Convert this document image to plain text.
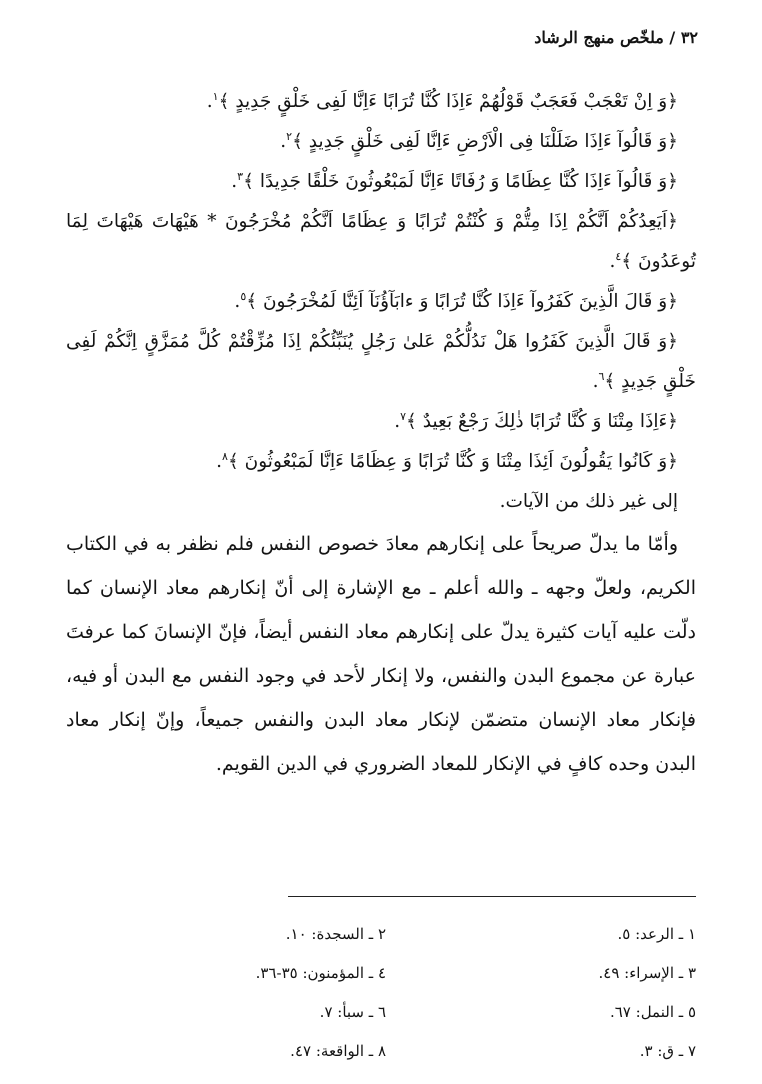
٣٢ / ملخّص منهج الرشاد

﴿وَ اِنْ تَعْجَبْ فَعَجَبٌ قَوْلُهُمْ ءَاِذَا كُنَّا تُرَابًا ءَاِنَّا لَفِى خَلْقٍ جَدِيدٍ ﴾$^١$.

﴿وَ قَالُوآ ءَاِذَا ضَلَلْنَا فِى الْاَرْضِ ءَاِنَّا لَفِى خَلْقٍ جَدِيدٍ ﴾$^٢$.

﴿وَ قَالُوآ ءَاِذَا كُنَّا عِظَامًا وَ رُفَاتًا ءَاِنَّا لَمَبْعُوثُونَ خَلْقًا جَدِيدًا ﴾$^٣$.

﴿اَيَعِدُكُمْ اَنَّكُمْ اِذَا مِتُّمْ وَ كُنْتُمْ تُرَابًا وَ عِظَامًا اَنَّكُمْ مُخْرَجُونَ * هَيْهَاتَ هَيْهَاتَ لِمَا تُوعَدُونَ ﴾$^٤$.

﴿وَ قَالَ الَّذِينَ كَفَرُوآ ءَاِذَا كُنَّا تُرَابًا وَ ءابَآؤُنَآ اَئِنَّا لَمُخْرَجُونَ ﴾$^٥$.

﴿وَ قَالَ الَّذِينَ كَفَرُوا هَلْ نَدُلُّكُمْ عَلىٰ رَجُلٍ يُنَبِّئُكُمْ اِذَا مُزِّقْتُمْ كُلَّ مُمَزَّقٍ اِنَّكُمْ لَفِى خَلْقٍ جَدِيدٍ ﴾$^٦$.

﴿ءَاِذَا مِتْنَا وَ كُنَّا تُرَابًا ذٰلِكَ رَجْعٌ بَعِيدٌ ﴾$^٧$.

﴿وَ كَانُوا يَقُولُونَ اَئِذَا مِتْنَا وَ كُنَّا تُرَابًا وَ عِظَامًا ءَاِنَّا لَمَبْعُوثُونَ ﴾$^٨$.

إلى غير ذلك من الآيات.

وأمّا ما يدلّ صريحاً على إنكارهم معادَ خصوص النفس فلم نظفر به في الكتاب الكريم، ولعلّ وجهه ـ والله أعلم ـ مع الإشارة إلى أنّ إنكارهم معاد الإنسان كما دلّت عليه آيات كثيرة يدلّ على إنكارهم معاد النفس أيضاً، فإنّ الإنسانَ كما عرفتَ عبارة عن مجموع البدن والنفس، ولا إنكار لأحد في وجود النفس مع البدن أو فيه، فإنكار معاد الإنسان متضمّن لإنكار معاد البدن والنفس جميعاً، وإنّ إنكار معاد البدن وحده كافٍ في الإنكار للمعاد الضروري في الدين القويم.

١ ـ الرعد: ٥.
٢ ـ السجدة: ١٠.
٣ ـ الإسراء: ٤٩.
٤ ـ المؤمنون: ٣٥-٣٦.
٥ ـ النمل: ٦٧.
٦ ـ سبأ: ٧.
٧ ـ ق: ٣.
٨ ـ الواقعة: ٤٧.
